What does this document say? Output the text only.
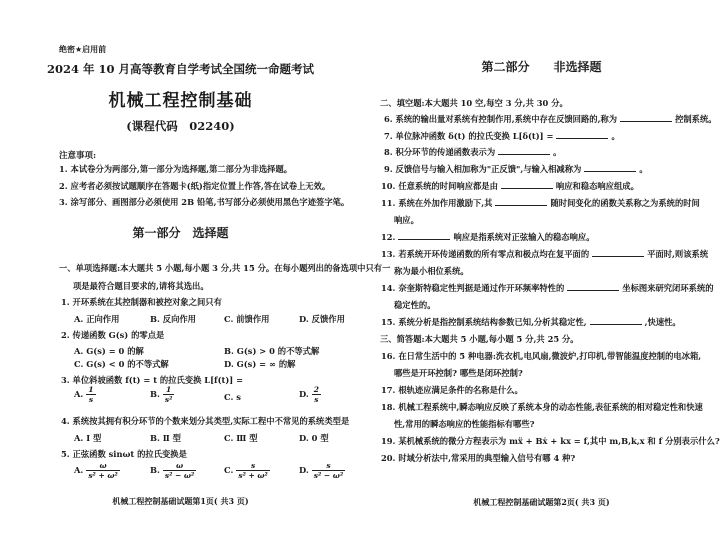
绝密★启用前
2024 年 10 月高等教育自学考试全国统一命题考试
机械工程控制基础
(课程代码　02240)
注意事项:
1. 本试卷分为两部分,第一部分为选择题,第二部分为非选择题。
2. 应考者必须按试题顺序在答题卡(纸)指定位置上作答,答在试卷上无效。
3. 涂写部分、画图部分必须使用 2B 铅笔,书写部分必须使用黑色字迹签字笔。
第一部分　选择题
一、单项选择题:本大题共 5 小题,每小题 3 分,共 15 分。在每小题列出的备选项中只有一
项是最符合题目要求的,请将其选出。
1. 开环系统在其控制器和被控对象之间只有
A. 正向作用	B. 反向作用	C. 前馈作用	D. 反馈作用
2. 传递函数 G(s) 的零点是
A. G(s) = 0 的解	B. G(s) > 0 的不等式解
C. G(s) < 0 的不等式解	D. G(s) = ∞ 的解
3. 单位斜坡函数 f(t) = t 的拉氏变换 L[f(t)] =
A. $\frac{1}{s}$	B. $\frac{1}{\text{s²}}$	C. s	D. $\frac{2}{s}$
4. 系统按其拥有积分环节的个数来划分其类型,实际工程中不常见的系统类型是
A. Ⅰ 型	B. Ⅱ 型	C. Ⅲ 型	D. 0 型
5. 正弦函数 sinωt 的拉氏变换是
A. $\frac{\omega}{\text{s² + ω²}}$	B. $\frac{\omega}{\text{s² − ω²}}$	C. $\frac{s}{\text{s² + ω²}}$	D. $\frac{s}{\text{s² − ω²}}$
机械工程控制基础试题第1页( 共3 页)
第二部分　　非选择题
二、填空题:本大题共 10 空,每空 3 分,共 30 分。
6. 系统的输出量对系统有控制作用,系统中存在反馈回路的,称为	控制系统。
7. 单位脉冲函数 δ(t) 的拉氏变换 L[δ(t)] =	。
8. 积分环节的传递函数表示为	。
9. 反馈信号与输入相加称为"正反馈",与输入相减称为	。
10. 任意系统的时间响应都是由	响应和稳态响应组成。
11. 系统在外加作用激励下,其	随时间变化的函数关系称之为系统的时间
响应。
12.	响应是指系统对正弦输入的稳态响应。
13. 若系统开环传递函数的所有零点和极点均在复平面的	平面时,则该系统
称为最小相位系统。
14. 奈奎斯特稳定性判据是通过作开环频率特性的	坐标图来研究闭环系统的
稳定性的。
15. 系统分析是指控制系统结构参数已知,分析其稳定性,	,快速性。
三、简答题:本大题共 5 小题,每小题 5 分,共 25 分。
16. 在日常生活中的 5 种电器:洗衣机,电风扇,微波炉,打印机,带智能温度控制的电冰箱,
哪些是开环控制? 哪些是闭环控制?
17. 根轨迹应满足条件的名称是什么。
18. 机械工程系统中,瞬态响应反映了系统本身的动态性能,表征系统的相对稳定性和快速
性,常用的瞬态响应的性能指标有哪些?
19. 某机械系统的微分方程表示为 mẍ + Bẋ + kx = f,其中 m,B,k,x 和 f 分别表示什么?
20. 时域分析法中,常采用的典型输入信号有哪 4 种?
机械工程控制基础试题第2页( 共3 页)
